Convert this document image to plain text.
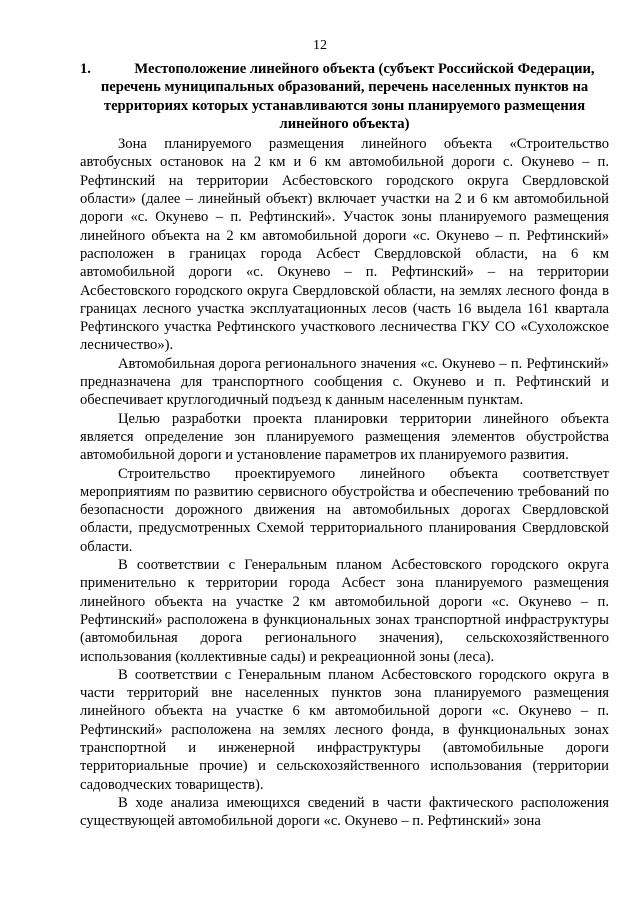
12
1.	Местоположение линейного объекта (субъект Российской Федерации, перечень муниципальных образований, перечень населенных пунктов на территориях которых устанавливаются зоны планируемого размещения линейного объекта)

Зона планируемого размещения линейного объекта «Строительство автобусных остановок на 2 км и 6 км автомобильной дороги с. Окунево – п. Рефтинский на территории Асбестовского городского округа Свердловской области» (далее – линейный объект) включает участки на 2 и 6 км автомобильной дороги «с. Окунево – п. Рефтинский». Участок зоны планируемого размещения линейного объекта на 2 км автомобильной дороги «с. Окунево – п. Рефтинский» расположен в границах города Асбест Свердловской области, на 6 км автомобильной дороги «с. Окунево – п. Рефтинский» – на территории Асбестовского городского округа Свердловской области, на землях лесного фонда в границах лесного участка эксплуатационных лесов (часть 16 выдела 161 квартала Рефтинского участка Рефтинского участкового лесничества ГКУ СО «Сухоложское лесничество»).

Автомобильная дорога регионального значения «с. Окунево – п. Рефтинский» предназначена для транспортного сообщения с. Окунево и п. Рефтинский и обеспечивает круглогодичный подъезд к данным населенным пунктам.

Целью разработки проекта планировки территории линейного объекта является определение зон планируемого размещения элементов обустройства автомобильной дороги и установление параметров их планируемого развития.

Строительство проектируемого линейного объекта соответствует мероприятиям по развитию сервисного обустройства и обеспечению требований по безопасности дорожного движения на автомобильных дорогах Свердловской области, предусмотренных Схемой территориального планирования Свердловской области.

В соответствии с Генеральным планом Асбестовского городского округа применительно к территории города Асбест зона планируемого размещения линейного объекта на участке 2 км автомобильной дороги «с. Окунево – п. Рефтинский» расположена в функциональных зонах транспортной инфраструктуры (автомобильная дорога регионального значения), сельскохозяйственного использования (коллективные сады) и рекреационной зоны (леса).

В соответствии с Генеральным планом Асбестовского городского округа в части территорий вне населенных пунктов зона планируемого размещения линейного объекта на участке 6 км автомобильной дороги «с. Окунево – п. Рефтинский» расположена на землях лесного фонда, в функциональных зонах транспортной и инженерной инфраструктуры (автомобильные дороги территориальные прочие) и сельскохозяйственного использования (территории садоводческих товариществ).

В ходе анализа имеющихся сведений в части фактического расположения существующей автомобильной дороги «с. Окунево – п. Рефтинский» зона
